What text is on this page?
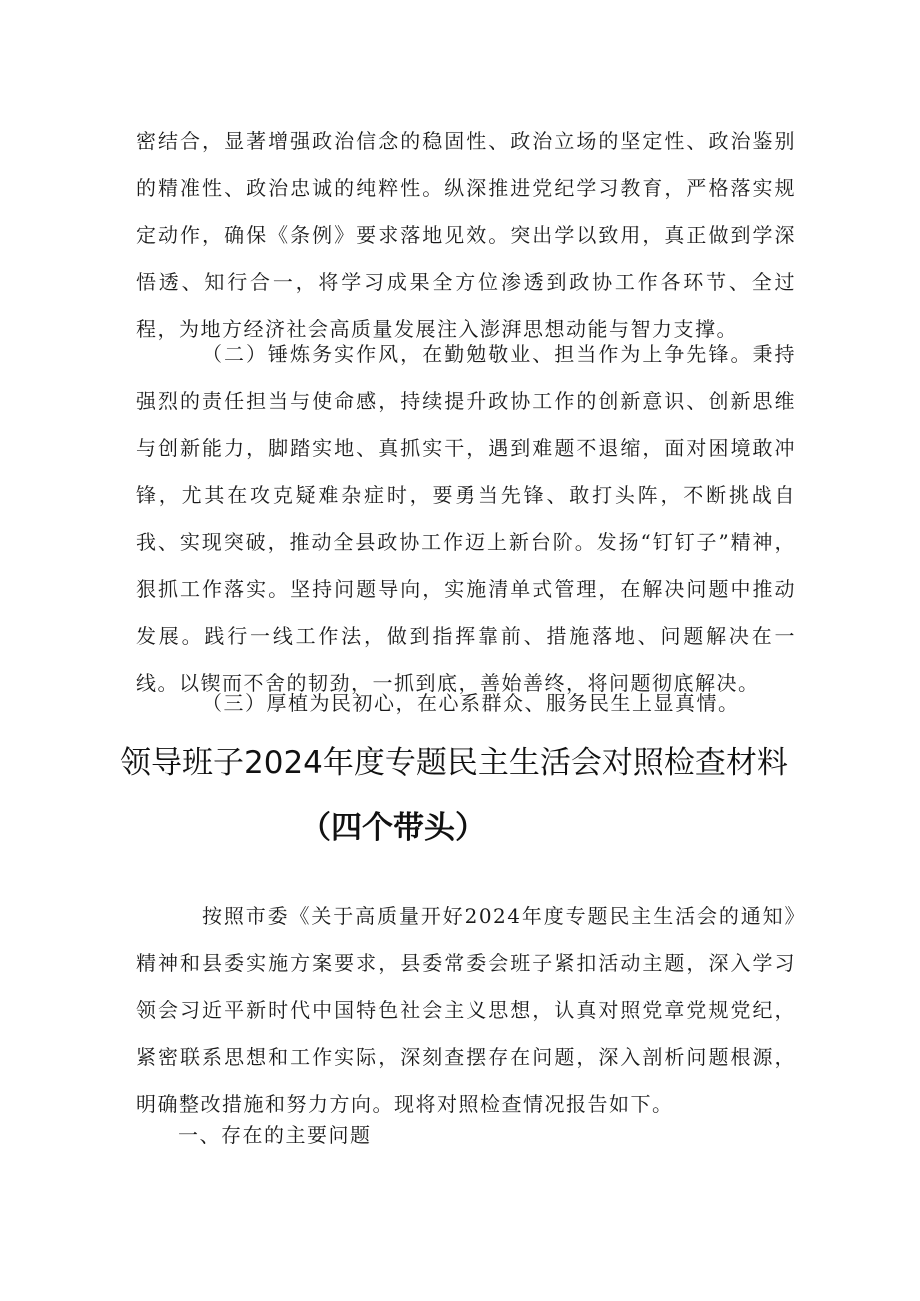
密结合，显著增强政治信念的稳固性、政治立场的坚定性、政治鉴别的精准性、政治忠诚的纯粹性。纵深推进党纪学习教育，严格落实规定动作，确保《条例》要求落地见效。突出学以致用，真正做到学深悟透、知行合一，将学习成果全方位渗透到政协工作各环节、全过程，为地方经济社会高质量发展注入澎湃思想动能与智力支撑。

（二）锤炼务实作风，在勤勉敬业、担当作为上争先锋。秉持强烈的责任担当与使命感，持续提升政协工作的创新意识、创新思维与创新能力，脚踏实地、真抓实干，遇到难题不退缩，面对困境敢冲锋，尤其在攻克疑难杂症时，要勇当先锋、敢打头阵，不断挑战自我、实现突破，推动全县政协工作迈上新台阶。发扬“钉钉子”精神，狠抓工作落实。坚持问题导向，实施清单式管理，在解决问题中推动发展。践行一线工作法，做到指挥靠前、措施落地、问题解决在一线。以锲而不舍的韧劲，一抓到底，善始善终，将问题彻底解决。

（三）厚植为民初心，在心系群众、服务民生上显真情。

领导班子2024年度专题民主生活会对照检查材料
（四个带头）

按照市委《关于高质量开好2024年度专题民主生活会的通知》精神和县委实施方案要求，县委常委会班子紧扣活动主题，深入学习领会习近平新时代中国特色社会主义思想，认真对照党章党规党纪，紧密联系思想和工作实际，深刻查摆存在问题，深入剖析问题根源，明确整改措施和努力方向。现将对照检查情况报告如下。

一、存在的主要问题
